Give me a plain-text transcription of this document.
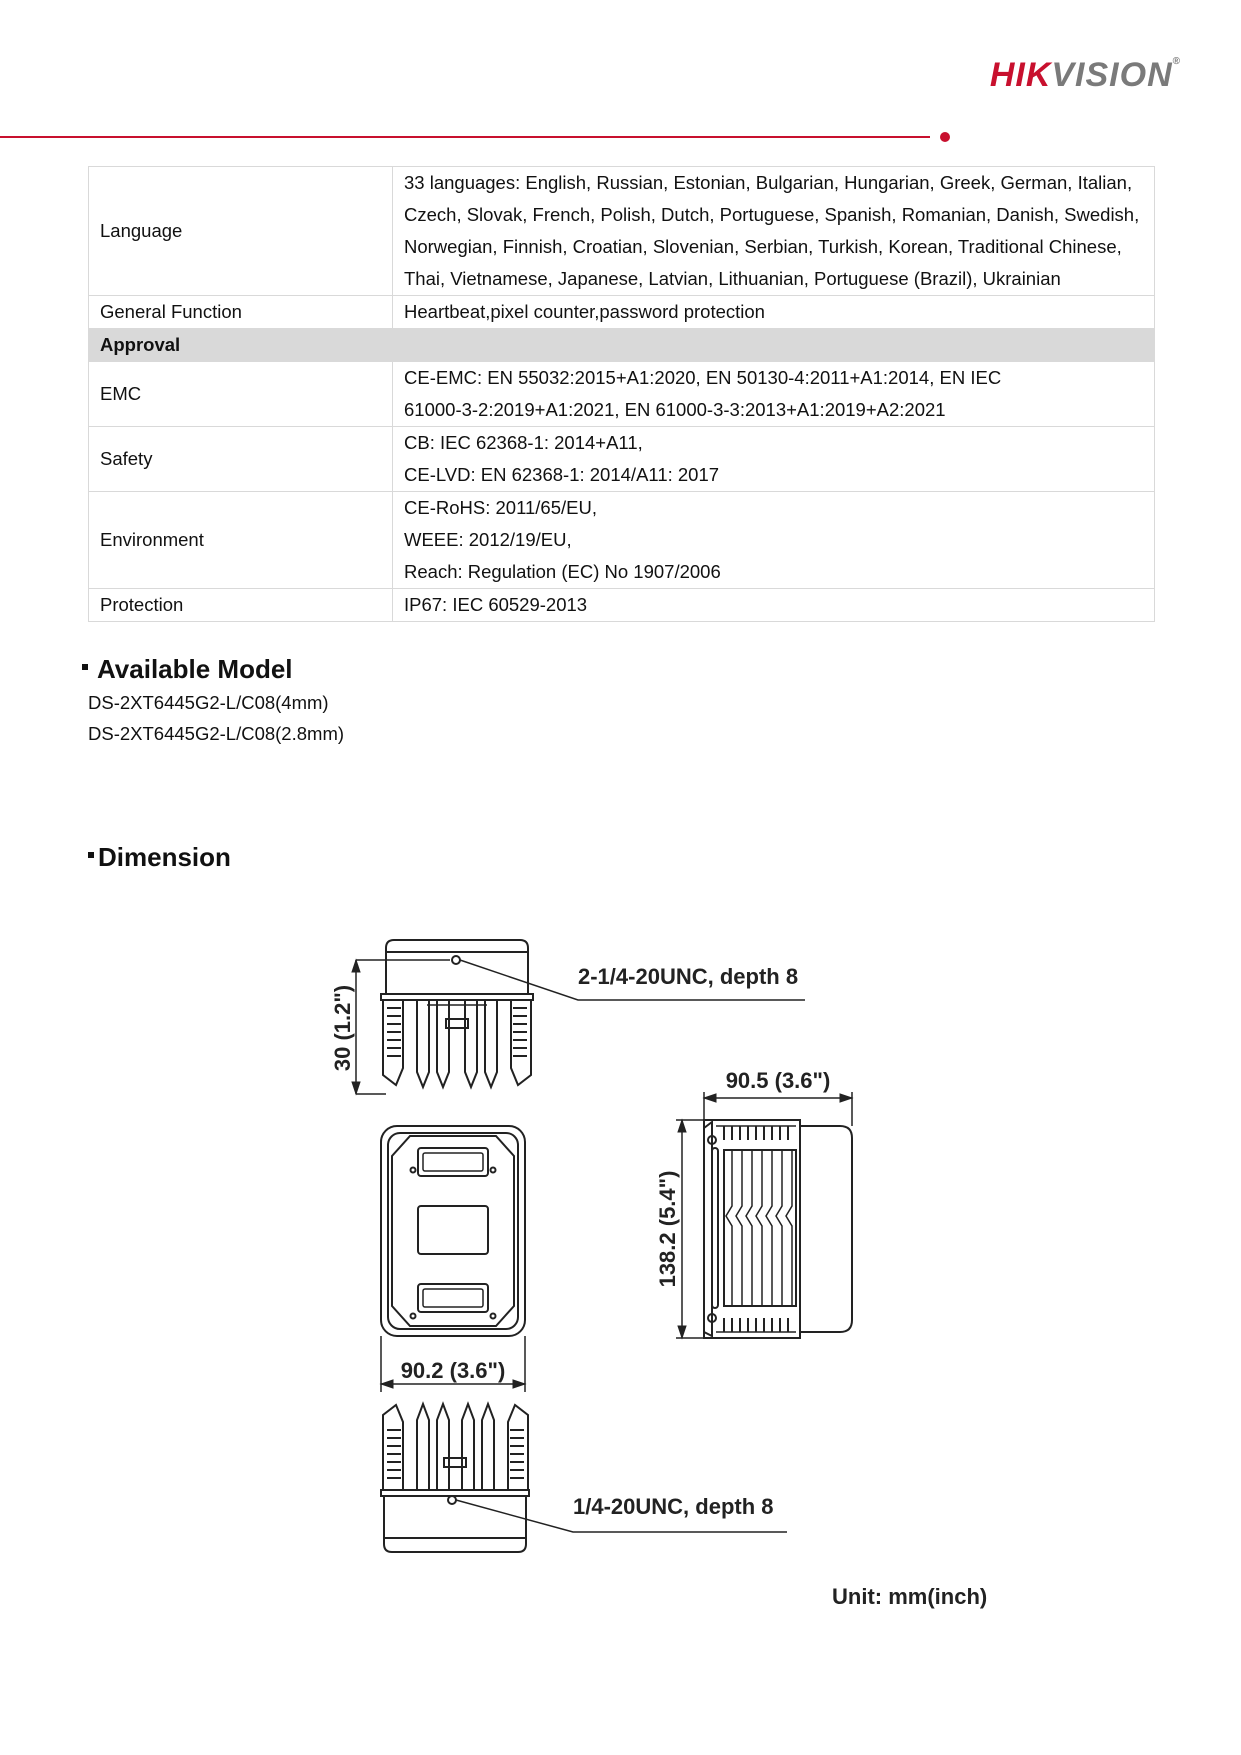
HIKVISION®
Language	33 languages: English, Russian, Estonian, Bulgarian, Hungarian, Greek, German, Italian,
Czech, Slovak, French, Polish, Dutch, Portuguese, Spanish, Romanian, Danish, Swedish,
Norwegian, Finnish, Croatian, Slovenian, Serbian, Turkish, Korean, Traditional Chinese,
Thai, Vietnamese, Japanese, Latvian, Lithuanian, Portuguese (Brazil), Ukrainian

General Function	Heartbeat,pixel counter,password protection

Approval	
EMC	CE-EMC: EN 55032:2015+A1:2020, EN 50130-4:2011+A1:2014, EN IEC
61000-3-2:2019+A1:2021, EN 61000-3-3:2013+A1:2019+A2:2021

Safety	CB: IEC 62368-1: 2014+A11,
CE-LVD: EN 62368-1: 2014/A11: 2017

Environment	CE-RoHS: 2011/65/EU,
WEEE: 2012/19/EU,
Reach: Regulation (EC) No 1907/2006

Protection	IP67: IEC 60529-2013
Available Model
DS-2XT6445G2-L/C08(4mm)
DS-2XT6445G2-L/C08(2.8mm)
Dimension
30 (1.2")
2-1/4-20UNC, depth 8
90.2 (3.6")
1/4-20UNC, depth 8
90.5 (3.6")
138.2 (5.4")
Unit: mm(inch)
